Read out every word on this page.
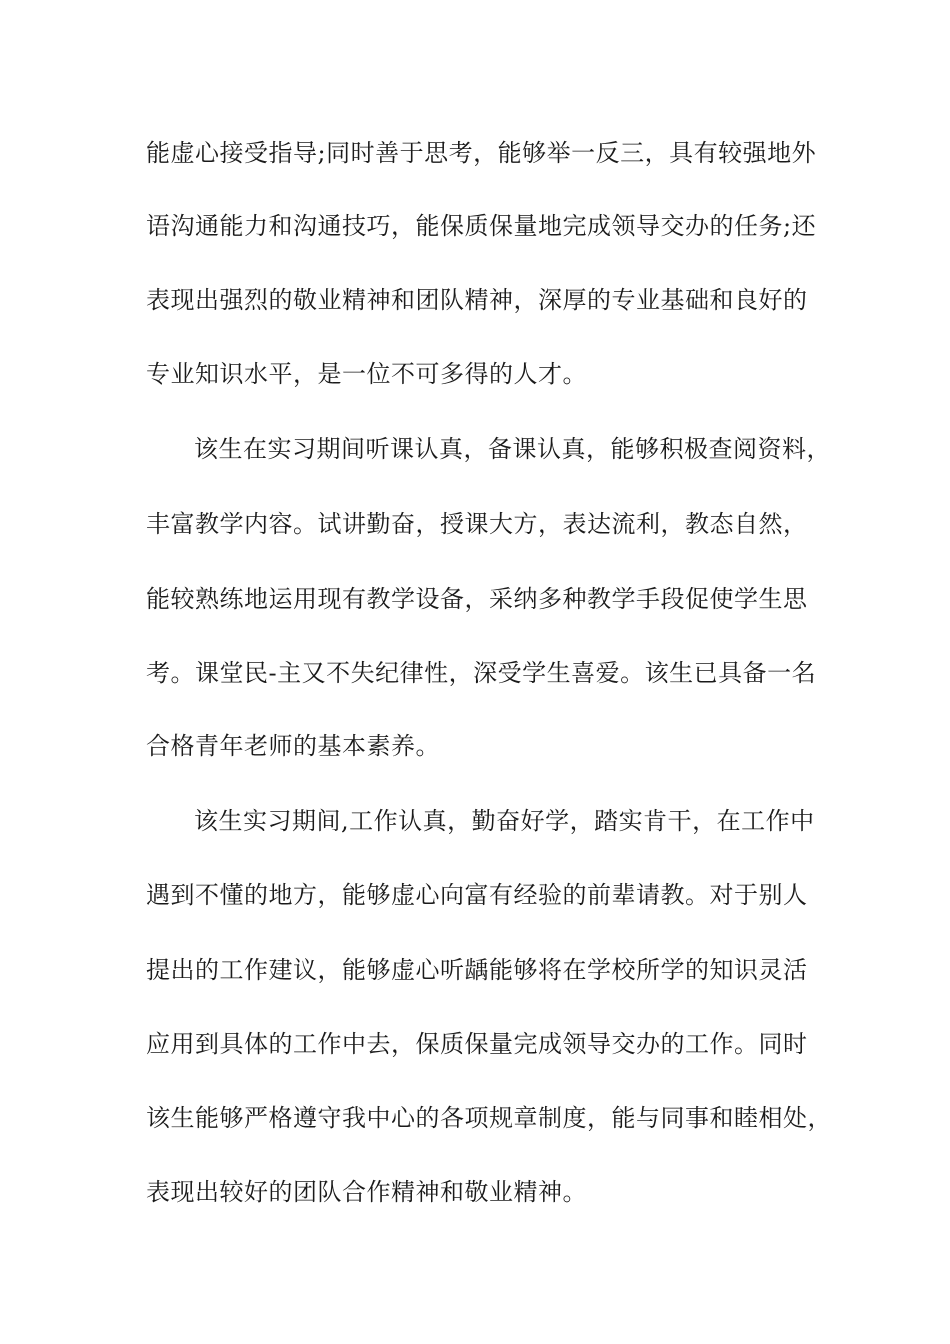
能虚心接受指导;同时善于思考，能够举一反三，具有较强地外
语沟通能力和沟通技巧，能保质保量地完成领导交办的任务;还
表现出强烈的敬业精神和团队精神，深厚的专业基础和良好的
专业知识水平，是一位不可多得的人才。
该生在实习期间听课认真，备课认真，能够积极查阅资料，
丰富教学内容。试讲勤奋，授课大方，表达流利，教态自然，
能较熟练地运用现有教学设备，采纳多种教学手段促使学生思
考。课堂民-主又不失纪律性，深受学生喜爱。该生已具备一名
合格青年老师的基本素养。
该生实习期间,工作认真，勤奋好学，踏实肯干，在工作中
遇到不懂的地方，能够虚心向富有经验的前辈请教。对于别人
提出的工作建议，能够虚心听龋能够将在学校所学的知识灵活
应用到具体的工作中去，保质保量完成领导交办的工作。同时
该生能够严格遵守我中心的各项规章制度，能与同事和睦相处，
表现出较好的团队合作精神和敬业精神。
